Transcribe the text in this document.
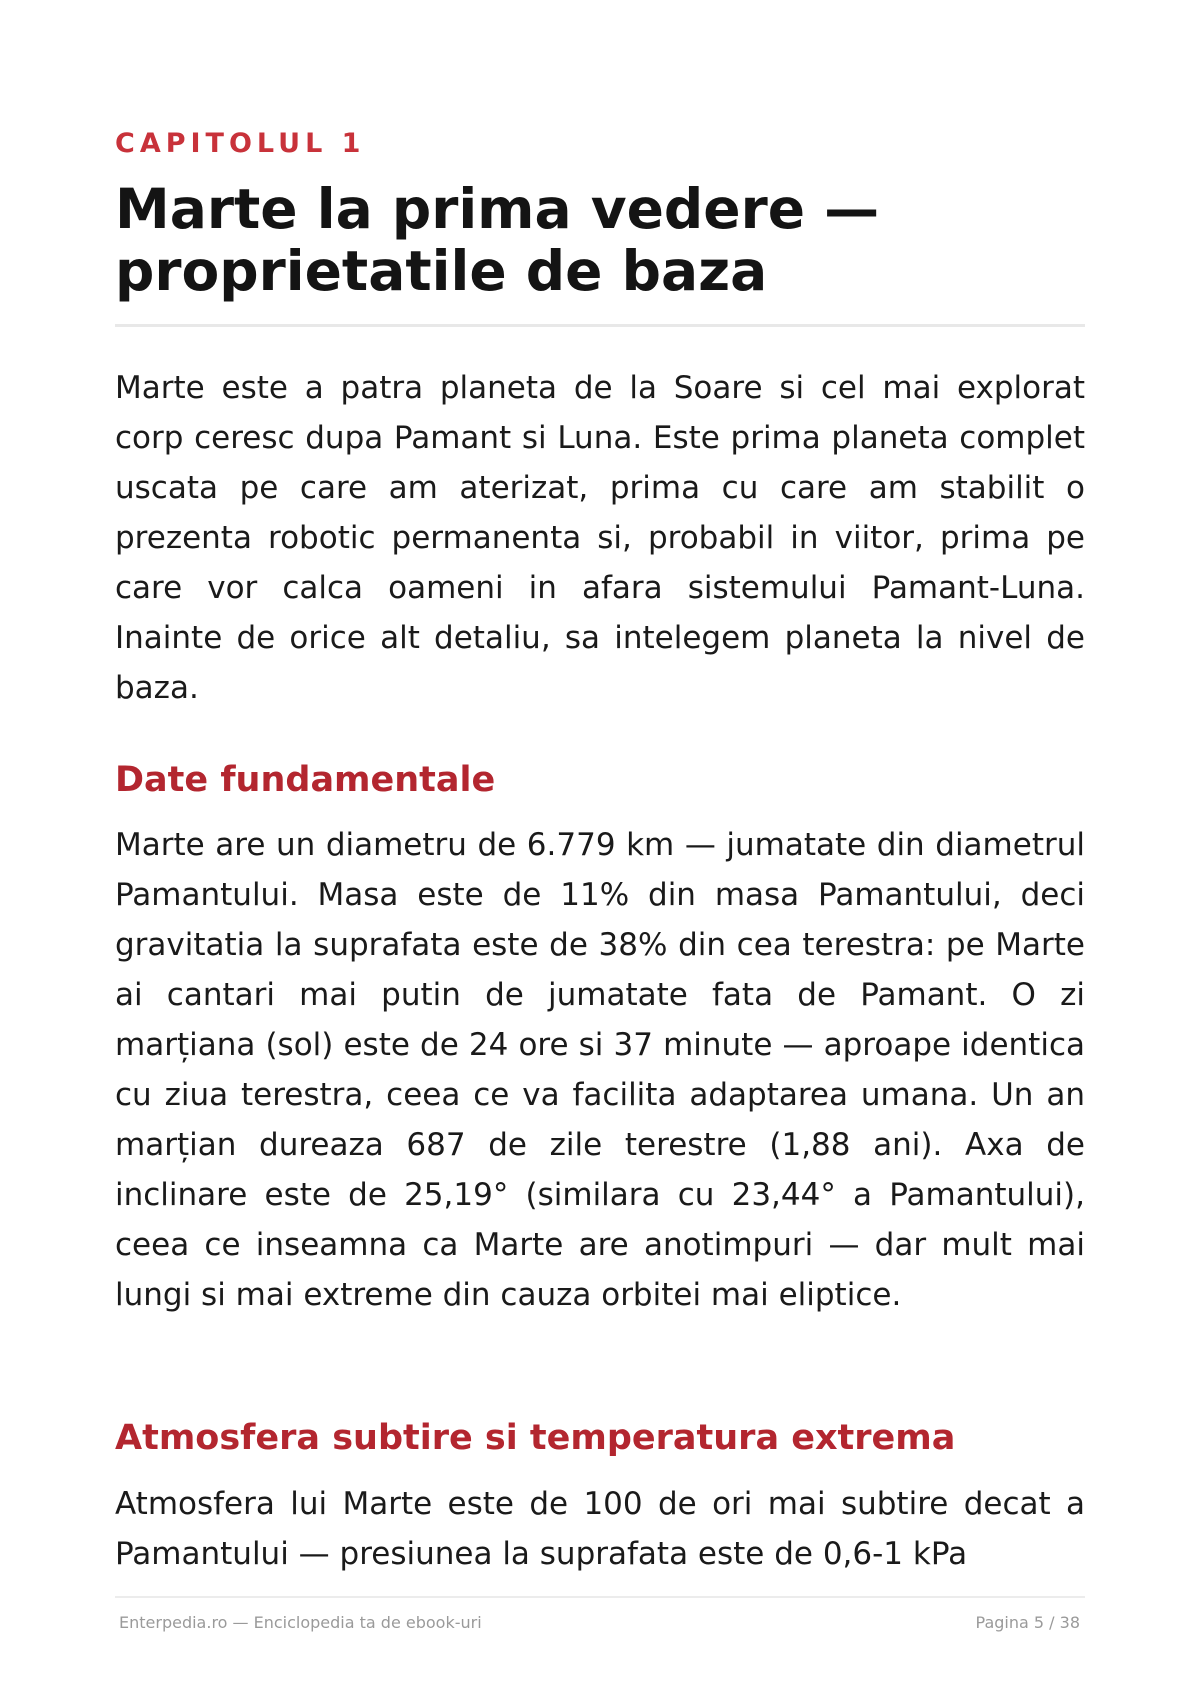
CAPITOLUL 1
Marte la prima vedere — proprietatile de baza

Marte este a patra planeta de la Soare si cel mai explorat corp ceresc dupa Pamant si Luna. Este prima planeta complet uscata pe care am aterizat, prima cu care am stabilit o prezenta robotic permanenta si, probabil in viitor, prima pe care vor calca oameni in afara sistemului Pamant-Luna. Inainte de orice alt detaliu, sa intelegem planeta la nivel de baza.

Date fundamentale

Marte are un diametru de 6.779 km — jumatate din diametrul Pamantului. Masa este de 11% din masa Pamantului, deci gravitatia la suprafata este de 38% din cea terestra: pe Marte ai cantari mai putin de jumatate fata de Pamant. O zi marțiana (sol) este de 24 ore si 37 minute — aproape identica cu ziua terestra, ceea ce va facilita adaptarea umana. Un an marțian dureaza 687 de zile terestre (1,88 ani). Axa de inclinare este de 25,19° (similara cu 23,44° a Pamantului), ceea ce inseamna ca Marte are anotimpuri — dar mult mai lungi si mai extreme din cauza orbitei mai eliptice.

Atmosfera subtire si temperatura extrema

Atmosfera lui Marte este de 100 de ori mai subtire decat a Pamantului — presiunea la suprafata este de 0,6-1 kPa

Enterpedia.ro — Enciclopedia ta de ebook-uri	Pagina 5 / 38
